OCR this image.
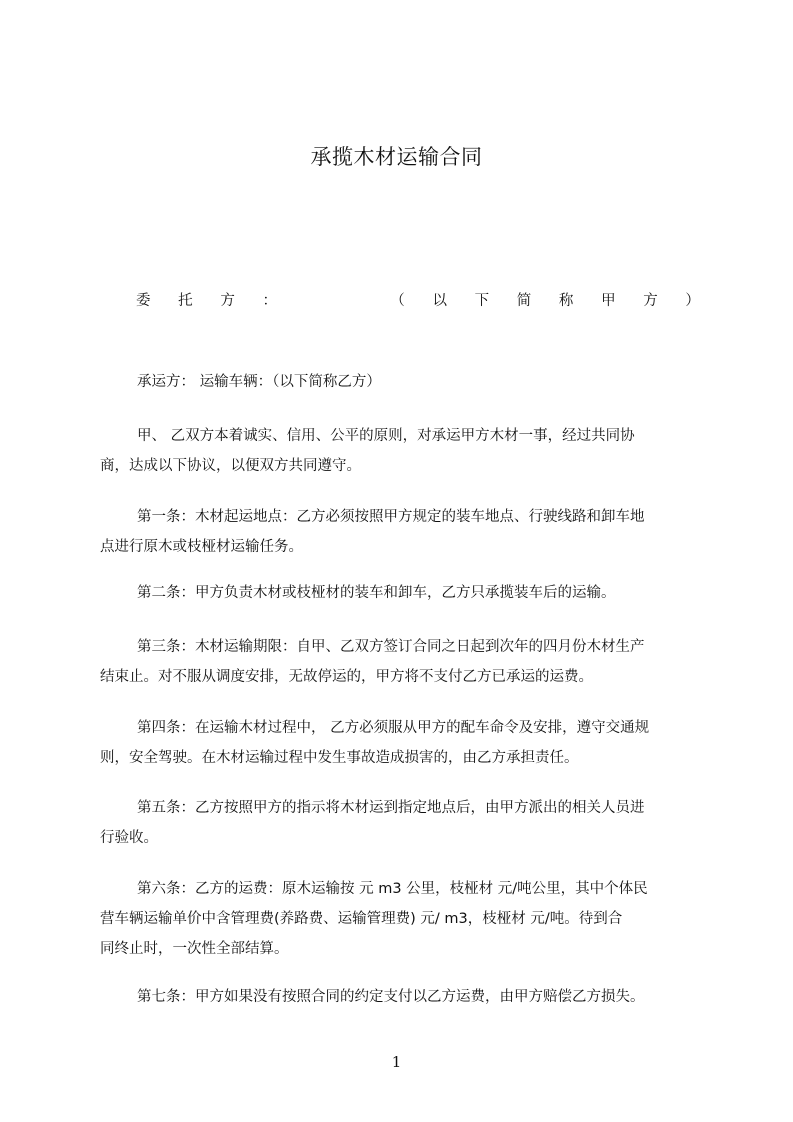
承揽木材运输合同
委 托 方 ：	（ 以 下 简 称 甲 方 ）
承运方： 运输车辆：（以下简称乙方）
甲、 乙双方本着诚实、信用、公平的原则，对承运甲方木材一事，经过共同协
商，达成以下协议，以便双方共同遵守。
第一条：木材起运地点：乙方必须按照甲方规定的装车地点、行驶线路和卸车地
点进行原木或枝桠材运输任务。
第二条：甲方负责木材或枝桠材的装车和卸车，乙方只承揽装车后的运输。
第三条：木材运输期限：自甲、乙双方签订合同之日起到次年的四月份木材生产
结束止。对不服从调度安排，无故停运的，甲方将不支付乙方已承运的运费。
第四条：在运输木材过程中， 乙方必须服从甲方的配车命令及安排，遵守交通规
则，安全驾驶。在木材运输过程中发生事故造成损害的，由乙方承担责任。
第五条：乙方按照甲方的指示将木材运到指定地点后，由甲方派出的相关人员进
行验收。
第六条：乙方的运费：原木运输按 元 m3 公里，枝桠材 元/吨公里，其中个体民
营车辆运输单价中含管理费(养路费、运输管理费) 元/ m3，枝桠材 元/吨。待到合
同终止时，一次性全部结算。
第七条：甲方如果没有按照合同的约定支付以乙方运费，由甲方赔偿乙方损失。
1
